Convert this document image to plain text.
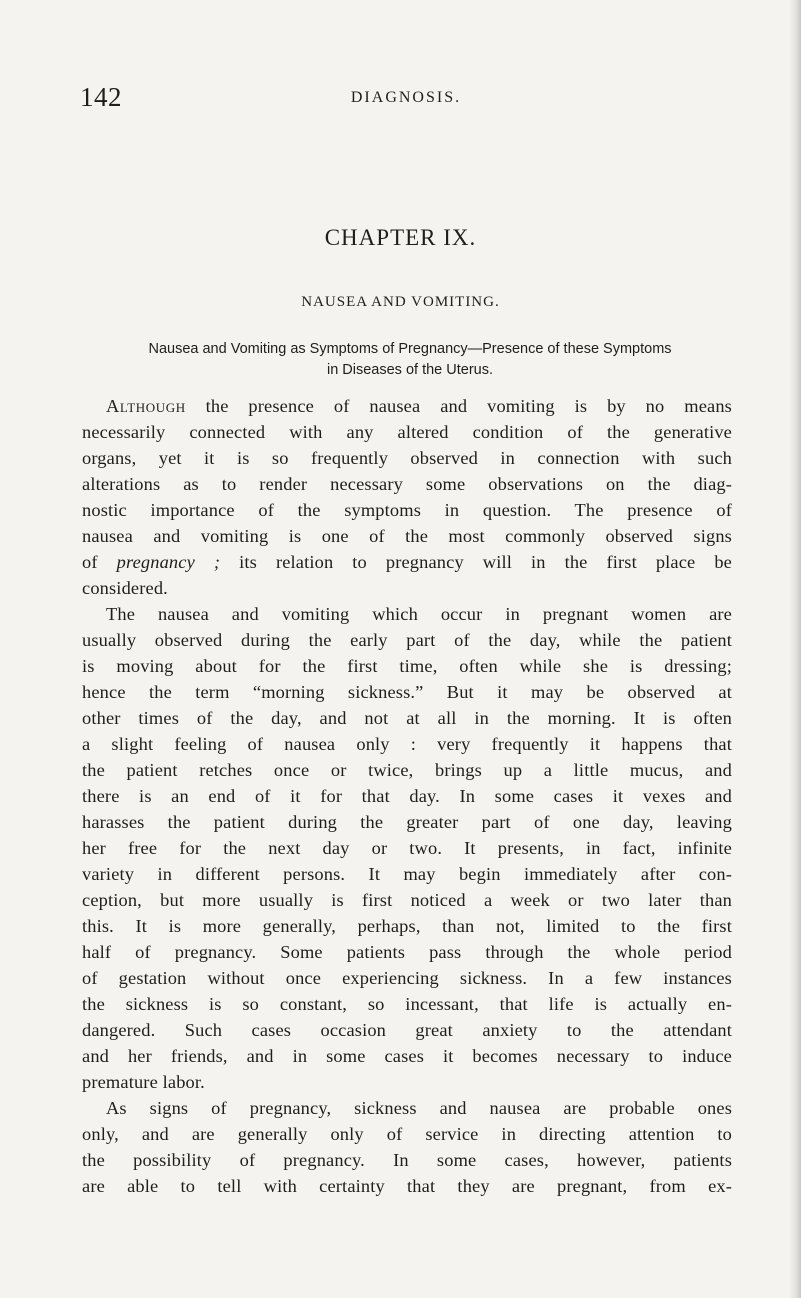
142	DIAGNOSIS.
CHAPTER IX.
NAUSEA AND VOMITING.
Nausea and Vomiting as Symptoms of Pregnancy—Presence of these Symptoms
in Diseases of the Uterus.
Although the presence of nausea and vomiting is by no means
necessarily connected with any altered condition of the generative
organs, yet it is so frequently observed in connection with such
alterations as to render necessary some observations on the diag-
nostic importance of the symptoms in question. The presence of
nausea and vomiting is one of the most commonly observed signs
of pregnancy ; its relation to pregnancy will in the first place be
considered.
The nausea and vomiting which occur in pregnant women are
usually observed during the early part of the day, while the patient
is moving about for the first time, often while she is dressing;
hence the term “morning sickness.” But it may be observed at
other times of the day, and not at all in the morning. It is often
a slight feeling of nausea only : very frequently it happens that
the patient retches once or twice, brings up a little mucus, and
there is an end of it for that day. In some cases it vexes and
harasses the patient during the greater part of one day, leaving
her free for the next day or two. It presents, in fact, infinite
variety in different persons. It may begin immediately after con-
ception, but more usually is first noticed a week or two later than
this. It is more generally, perhaps, than not, limited to the first
half of pregnancy. Some patients pass through the whole period
of gestation without once experiencing sickness. In a few instances
the sickness is so constant, so incessant, that life is actually en-
dangered. Such cases occasion great anxiety to the attendant
and her friends, and in some cases it becomes necessary to induce
premature labor.
As signs of pregnancy, sickness and nausea are probable ones
only, and are generally only of service in directing attention to
the possibility of pregnancy. In some cases, however, patients
are able to tell with certainty that they are pregnant, from ex-
